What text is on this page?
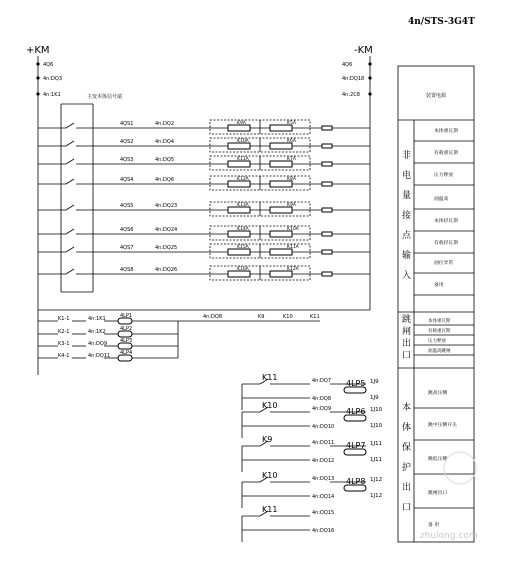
4n/STS-3G4T
+KM	-KM
4Q6	4Q6
4n:DQ3	4n:DQ18
4n:1K1	4n:2C8
主变本体信号端
4QS1	4n:DQ2	K9A	K5A
4QS2	4n:DQ4	K10A	K6A
4QS3	4n:DQ5	K11A	K7A
4QS4	4n:DQ6	K12A	K8A
4QS5	4n:DQ23	K13A	K9A
4QS6	4n:DQ24	K14A	K10A
4QS7	4n:DQ25	K15A	K11A
4QS8	4n:DQ26	K16A	K12A
K1-1	4n:1K1	4LP1
K2-1	4n:1K2	4LP2
K3-1	4n:DQ9	4LP3
K4-1	4n:DQ11 4LP4
4n:DQ8	K9	K10	K11
K11	4n:DQ7
4n:DQ8
4LP5 1J9
1J9
K10	4n:DQ9
4n:DQ10
4LP6 1J10
1J10
K9	4n:DQ11
4n:DQ12
4LP7 1J11
1J11
K10	4n:DQ13
4n:DQ14
4LP8 1J12
1J12
K11	4n:DQ15
4n:DQ16
装置电源
非
电
量
接
点
输
入
跳
闸
出
口
本
体
保
护
出
口
本体重瓦斯
有载重瓦斯
压力释放
油温高
本体轻瓦斯
有载轻瓦斯
油位异常
备用
本体重瓦斯
有载重瓦斯
压力释放
油温高跳闸
跳高压侧
跳中压侧开关
跳低压侧
跳闸出口
备 用
zhulong.com
